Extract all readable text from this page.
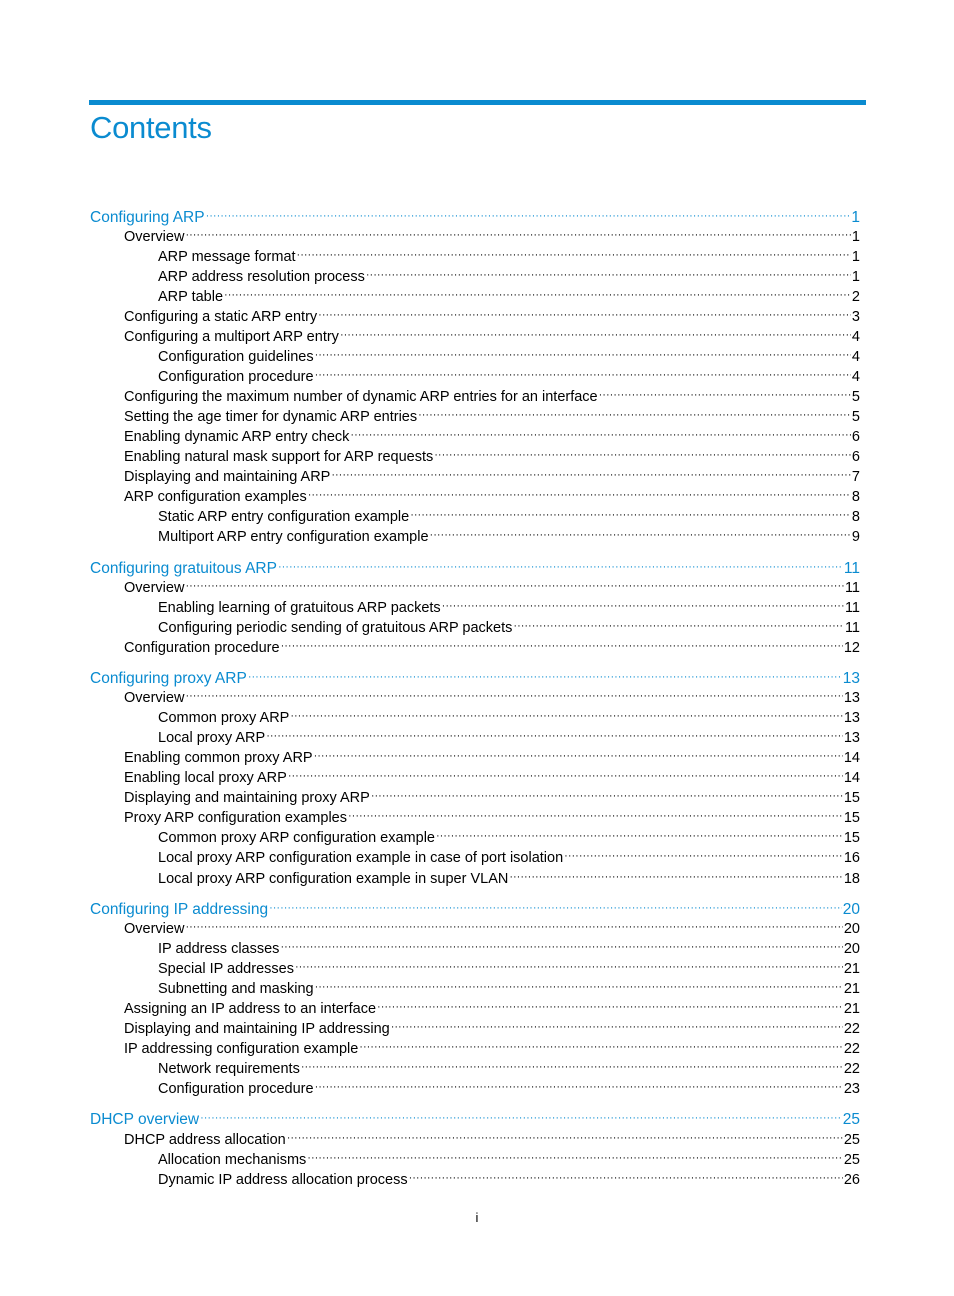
Contents
Configuring ARP ·····	1
Overview ·····	1
ARP message format ·····	1
ARP address resolution process ·····	1
ARP table ·····	2
Configuring a static ARP entry ·····	3
Configuring a multiport ARP entry ·····	4
Configuration guidelines ·····	4
Configuration procedure ·····	4
Configuring the maximum number of dynamic ARP entries for an interface ·····	5
Setting the age timer for dynamic ARP entries ·····	5
Enabling dynamic ARP entry check ·····	6
Enabling natural mask support for ARP requests ·····	6
Displaying and maintaining ARP ·····	7
ARP configuration examples ·····	8
Static ARP entry configuration example ·····	8
Multiport ARP entry configuration example ·····	9
Configuring gratuitous ARP ·····	11
Overview ·····	11
Enabling learning of gratuitous ARP packets ·····	11
Configuring periodic sending of gratuitous ARP packets ·····	11
Configuration procedure ·····	12
Configuring proxy ARP ·····	13
Overview ·····	13
Common proxy ARP ·····	13
Local proxy ARP ·····	13
Enabling common proxy ARP ·····	14
Enabling local proxy ARP ·····	14
Displaying and maintaining proxy ARP ·····	15
Proxy ARP configuration examples ·····	15
Common proxy ARP configuration example ·····	15
Local proxy ARP configuration example in case of port isolation ·····	16
Local proxy ARP configuration example in super VLAN ·····	18
Configuring IP addressing ·····	20
Overview ·····	20
IP address classes ·····	20
Special IP addresses ·····	21
Subnetting and masking ·····	21
Assigning an IP address to an interface ·····	21
Displaying and maintaining IP addressing ·····	22
IP addressing configuration example ·····	22
Network requirements ·····	22
Configuration procedure ·····	23
DHCP overview ·····	25
DHCP address allocation ·····	25
Allocation mechanisms ·····	25
Dynamic IP address allocation process ·····	26
i
